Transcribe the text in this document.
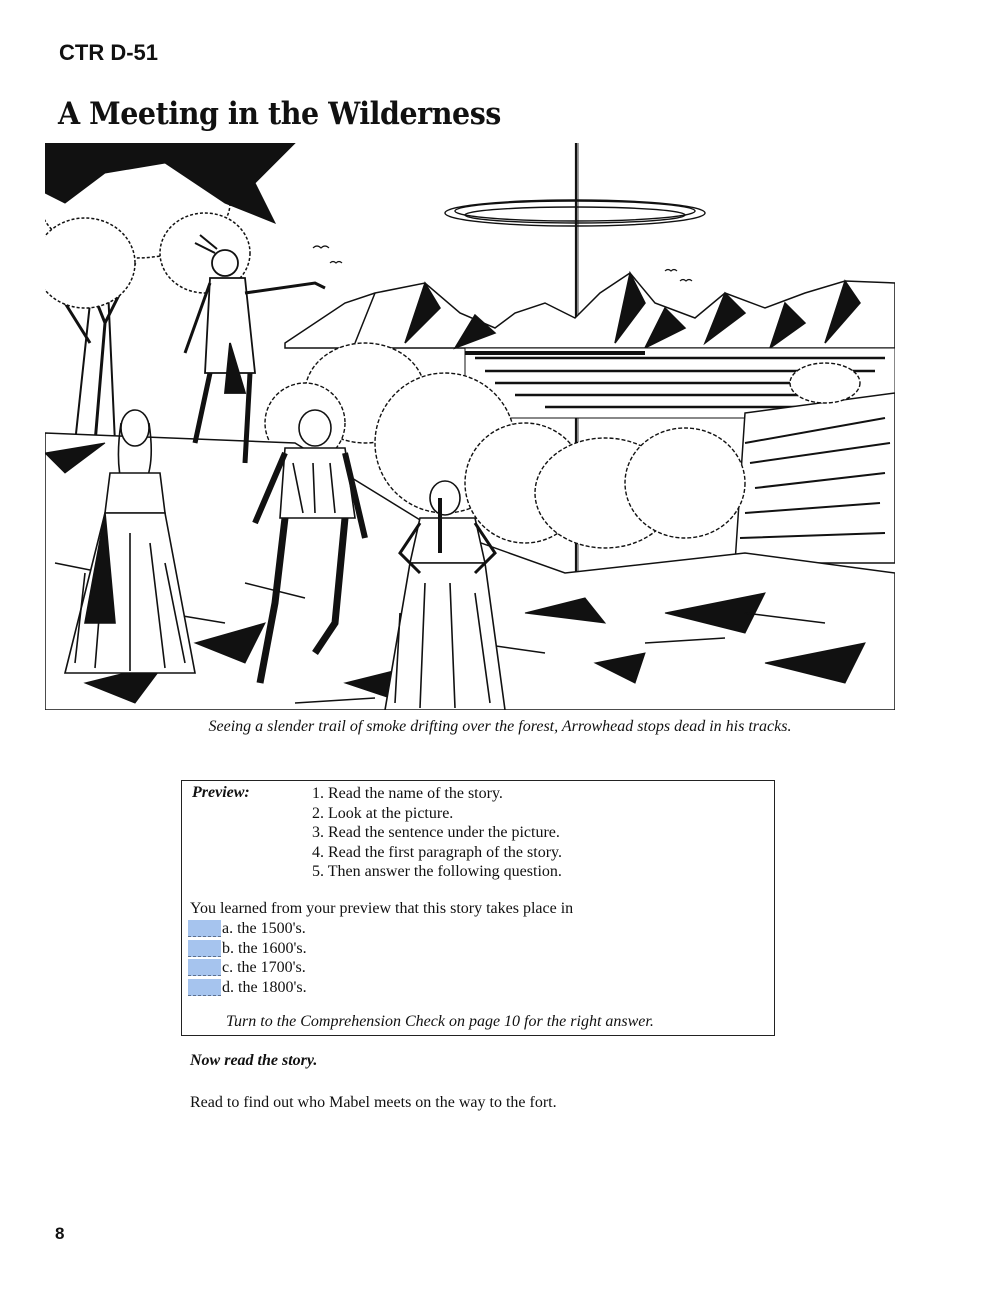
CTR D-51
A Meeting in the Wilderness
Seeing a slender trail of smoke drifting over the forest, Arrowhead stops dead in his tracks.
Preview:	1. Read the name of the story.
2. Look at the picture.
3. Read the sentence under the picture.
4. Read the first paragraph of the story.
5. Then answer the following question.
You learned from your preview that this story takes place in
a. the 1500's.
b. the 1600's.
c. the 1700's.
d. the 1800's.
Turn to the Comprehension Check on page 10 for the right answer.
Now read the story.
Read to find out who Mabel meets on the way to the fort.
8
